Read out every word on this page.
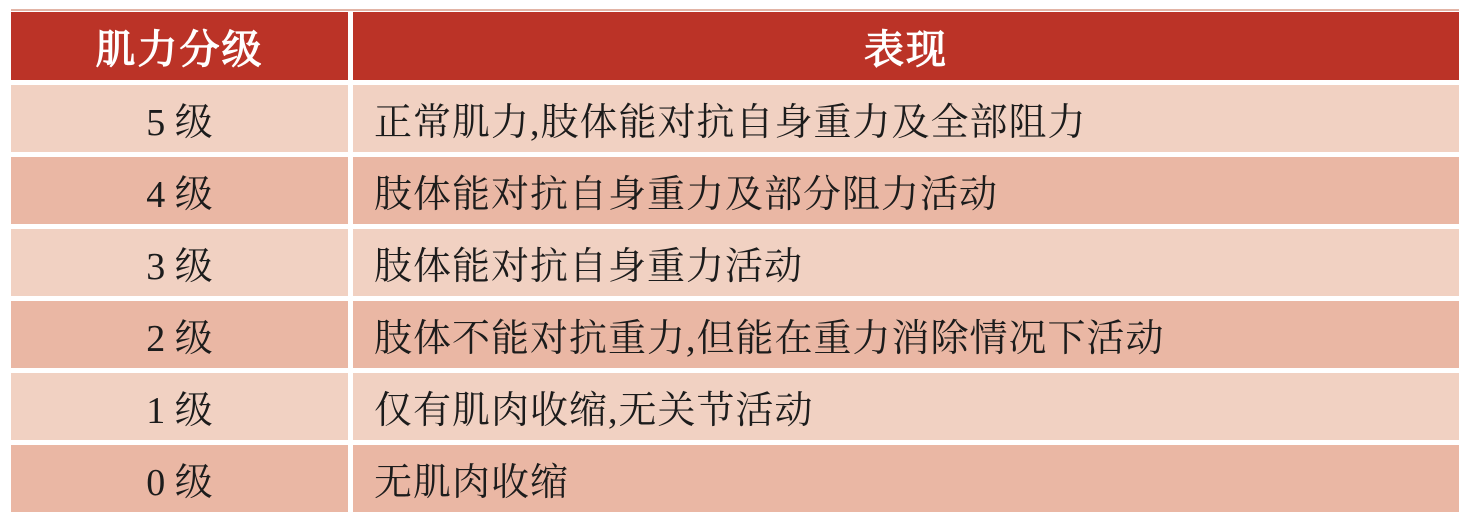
肌力分级	表现
5 级	正常肌力,肢体能对抗自身重力及全部阻力
4 级	肢体能对抗自身重力及部分阻力活动
3 级	肢体能对抗自身重力活动
2 级	肢体不能对抗重力,但能在重力消除情况下活动
1 级	仅有肌肉收缩,无关节活动
0 级	无肌肉收缩
